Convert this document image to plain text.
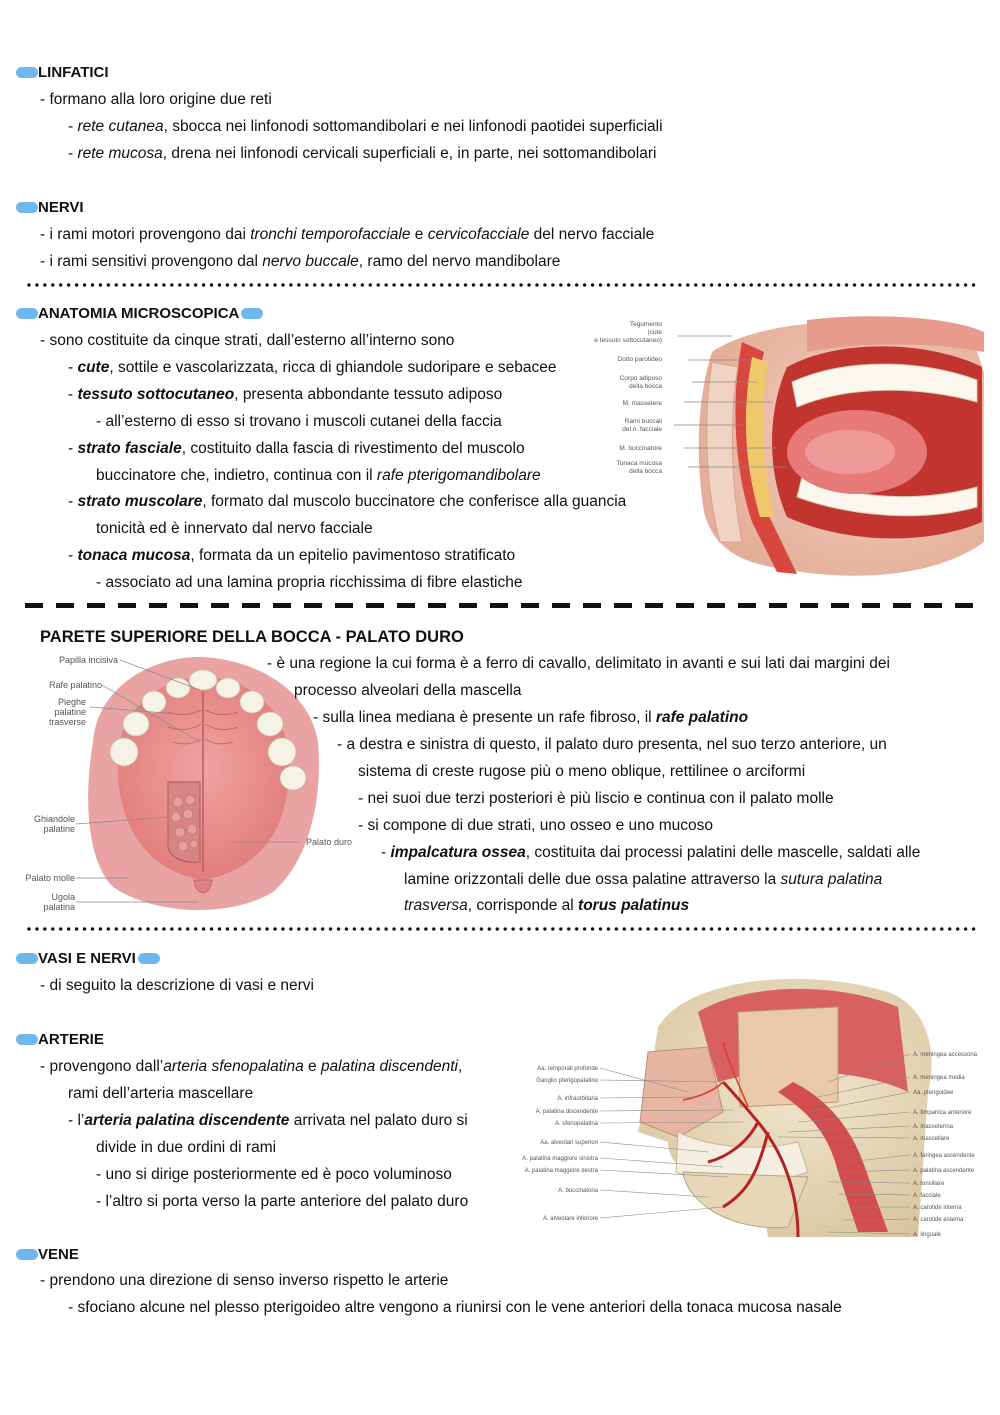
LINFATICI
- formano alla loro origine due reti
- rete cutanea, sbocca nei linfonodi sottomandibolari e nei linfonodi paotidei superficiali
- rete mucosa, drena nei linfonodi cervicali superficiali e, in parte, nei sottomandibolari
NERVI
- i rami motori provengono dai tronchi temporofacciale e cervicofacciale del nervo facciale
- i rami sensitivi provengono dal nervo buccale, ramo del nervo mandibolare
ANATOMIA MICROSCOPICA
- sono costituite da cinque strati, dall’esterno all’interno sono
- cute, sottile e vascolarizzata, ricca di ghiandole sudoripare e sebacee
- tessuto sottocutaneo, presenta abbondante tessuto adiposo
- all’esterno di esso si trovano i muscoli cutanei della faccia
- strato fasciale, costituito dalla fascia di rivestimento del muscolo
buccinatore che, indietro, continua con il rafe pterigomandibolare
- strato muscolare, formato dal muscolo buccinatore che conferisce alla guancia
tonicità ed è innervato dal nervo facciale
- tonaca mucosa, formata da un epitelio pavimentoso stratificato
- associato ad una lamina propria ricchissima di fibre elastiche
Tegumento
(cute
e tessuto sottocutaneo)
Dotto parotideo
Corpo adiposo
della bocca
M. massetere
Rami buccali
del n. facciale
M. buccinatore
Tonaca mucosa
della bocca
PARETE SUPERIORE DELLA BOCCA - PALATO DURO
Papilla incisiva
Rafe palatino
Pieghe
palatine
trasverse
Ghiandole
palatine
Palato duro
Palato molle
Ugola
palatina
- è una regione la cui forma è a ferro di cavallo, delimitato in avanti e sui lati dai margini dei
processo alveolari della mascella
- sulla linea mediana è presente un rafe fibroso, il rafe palatino
- a destra e sinistra di questo, il palato duro presenta, nel suo terzo anteriore, un
sistema di creste rugose più o meno oblique, rettilinee o arciformi
- nei suoi due terzi posteriori è più liscio e continua con il palato molle
- si compone di due strati, uno osseo e uno mucoso
- impalcatura ossea, costituita dai processi palatini delle mascelle, saldati alle
lamine orizzontali delle due ossa palatine attraverso la sutura palatina
trasversa, corrisponde al torus palatinus
VASI E NERVI
- di seguito la descrizione di vasi e nervi
ARTERIE
- provengono dall’arteria sfenopalatina e palatina discendenti,
rami dell’arteria mascellare
- l’arteria palatina discendente arrivata nel palato duro si
divide in due ordini di rami
- uno si dirige posteriormente ed è poco voluminoso
- l’altro si porta verso la parte anteriore del palato duro
Aa. temporali profonde
Ganglio pterigopalatino
A. infraorbitaria
A. palatina discendente
A. sfenopalatina
Aa. alveolari superiori
A. palatina maggiore sinistra
A. palatina maggiore destra
A. buccinatoria
A. alveolare inferiore
A. meningea accessoria
A. meningea media
Aa. pterigoidee
A. timpanica anteriore
A. masseterina
A. mascellare
A. faringea ascendente
A. palatina ascendente
A. tonsillare
A. facciale
A. carotide interna
A. carotide esterna
A. linguale
VENE
- prendono una direzione di senso inverso rispetto le arterie
- sfociano alcune nel plesso pterigoideo altre vengono a riunirsi con le vene anteriori della tonaca mucosa nasale
